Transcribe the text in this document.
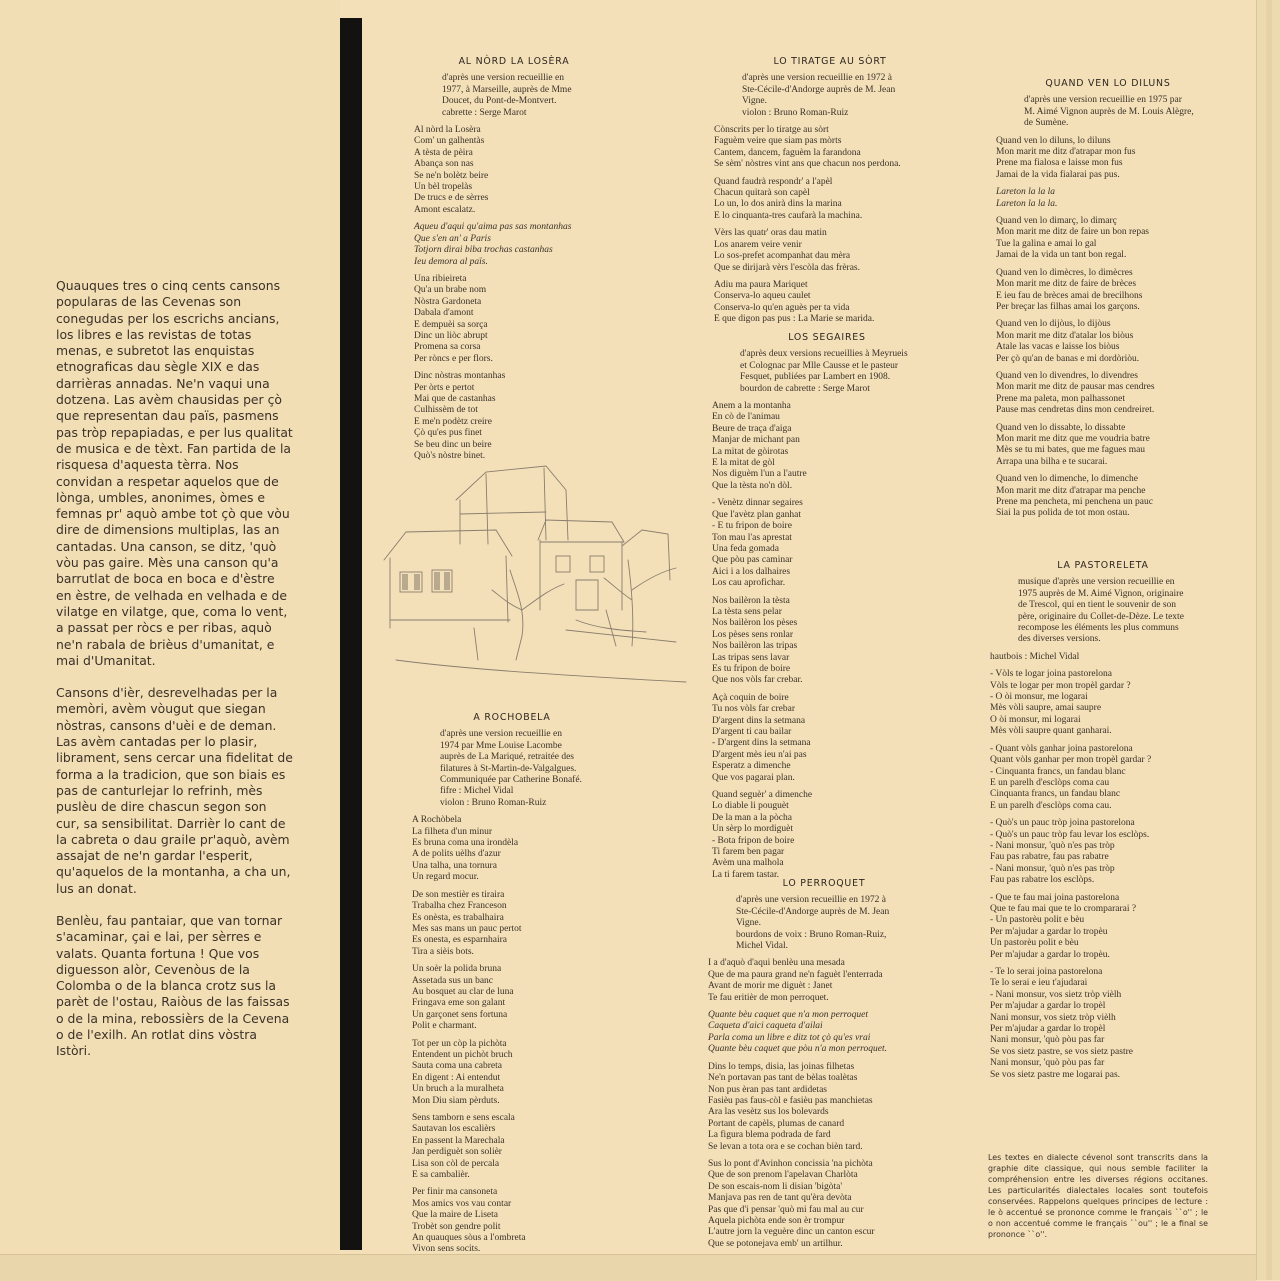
Quauques tres o cinq cents cansons popularas de las Cevenas son conegudas per los escrichs ancians, los libres e las revistas de totas menas, e subretot las enquistas etnograficas dau sègle XIX e das darrièras annadas. Ne'n vaqui una dotzena. Las avèm chausidas per çò que representan dau païs, pasmens pas tròp repapiadas, e per lus qualitat de musica e de tèxt. Fan partida de la risquesa d'aquesta tèrra. Nos convidan a respetar aquelos que de lònga, umbles, anonimes, òmes e femnas pr' aquò ambe tot çò que vòu dire de dimensions multiplas, las an cantadas. Una canson, se ditz, 'quò vòu pas gaire. Mès una canson qu'a barrutlat de boca en boca e d'èstre en èstre, de velhada en velhada e de vilatge en vilatge, que, coma lo vent, a passat per ròcs e per ribas, aquò ne'n rabala de brièus d'umanitat, e mai d'Umanitat.

Cansons d'ièr, desrevelhadas per la memòri, avèm vòugut que siegan nòstras, cansons d'uèi e de deman. Las avèm cantadas per lo plasir, librament, sens cercar una fidelitat de forma a la tradicion, que son biais es pas de canturlejar lo refrinh, mès puslèu de dire chascun segon son cur, sa sensibilitat. Darrièr lo cant de la cabreta o dau graile pr'aquò, avèm assajat de ne'n gardar l'esperit, qu'aquelos de la montanha, a cha un, lus an donat.

Benlèu, fau pantaiar, que van tornar s'acaminar, çai e lai, per sèrres e valats. Quanta fortuna ! Que vos diguesson alòr, Cevenòus de la Colomba o de la blanca crotz sus la parèt de l'ostau, Raiòus de las faissas o de la mina, rebossièrs de la Cevena o de l'exilh. An rotlat dins vòstra Istòri.

AL NÒRD LA LOSÈRA
d'après une version recueillie en
1977, à Marseille, auprès de Mme
Doucet, du Pont-de-Montvert.
cabrette : Serge Marot
Al nòrd la Losèra
Com' un galhentàs
A tèsta de pèira
Abança son nas
Se ne'n bolètz beire
Un bèl tropelàs
De trucs e de sèrres
Amont escalatz.
Aqueu d'aqui qu'aima pas sas montanhas
Que s'en an' a Paris
Totjorn dirai biba trochas castanhas
Ieu demora al païs.
Una ribieireta
Qu'a un brabe nom
Nòstra Gardoneta
Dabala d'amont
E dempuèi sa sorça
Dinc un liòc abrupt
Promena sa corsa
Per ròncs e per flors.
Dinc nòstras montanhas
Per òrts e pertot
Mai que de castanhas
Culhissèm de tot
E me'n podètz creire
Çò qu'es pus finet
Se beu dinc un beire
Quò's nòstre binet.
A ROCHOBELA
d'après une version recueillie en
1974 par Mme Louise Lacombe
auprès de La Mariqué, retraitée des
filatures à St-Martin-de-Valgalgues.
Communiquée par Catherine Bonafé.
fifre : Michel Vidal
violon : Bruno Roman-Ruiz
A Rochòbela
La filheta d'un minur
Es bruna coma una irondèla
A de polits uèlhs d'azur
Una talha, una tornura
Un regard mocur.
De son mestièr es tiraira
Trabalha chez Franceson
Es onèsta, es trabalhaira
Mes sas mans un pauc pertot
Es onesta, es esparnhaira
Tira a sièis bots.
Un soèr la polida bruna
Assetada sus un banc
Au bosquet au clar de luna
Fringava eme son galant
Un garçonet sens fortuna
Polit e charmant.
Tot per un còp la pichòta
Entendent un pichòt bruch
Sauta coma una cabreta
En digent : Ai entendut
Un bruch a la muralheta
Mon Diu siam pèrduts.
Sens tamborn e sens escala
Sautavan los escalièrs
En passent la Marechala
Jan perdiguèt son solièr
Lisa son còl de percala
E sa cambalièr.
Per finir ma cansoneta
Mos amics vos vau contar
Que la maire de Liseta
Trobèt son gendre polit
An quauques sòus a l'ombreta
Vivon sens socits.
LO TIRATGE AU SÒRT
d'après une version recueillie en 1972 à
Ste-Cécile-d'Andorge auprès de M. Jean
Vigne.
violon : Bruno Roman-Ruiz
Cònscrits per lo tiratge au sòrt
Faguèm veire que siam pas mòrts
Cantem, dancem, faguèm la farandona
Se sèm' nòstres vint ans que chacun nos perdona.
Quand faudrà respondr' a l'apèl
Chacun quitarà son capèl
Lo un, lo dos anirà dins la marina
E lo cinquanta-tres caufarà la machina.
Vèrs las quatr' oras dau matin
Los anarem veire venir
Lo sos-prefet acompanhat dau mèra
Que se dirijarà vèrs l'escòla das frèras.
Adiu ma paura Mariquet
Conserva-lo aqueu caulet
Conserva-lo qu'en aguès per ta vida
E que digon pas pus : La Marie se marida.
LOS SEGAIRES
d'après deux versions recueillies à Meyrueis
et Colognac par Mlle Causse et le pasteur
Fesquet, publiées par Lambert en 1908.
bourdon de cabrette : Serge Marot
Anem a la montanha
En cò de l'animau
Beure de traça d'aiga
Manjar de michant pan
La mitat de gòirotas
E la mitat de gòl
Nos diguèm l'un a l'autre
Que la tèsta no'n dòl.
- Venètz dinnar segaires
Que l'avètz plan ganhat
- E tu fripon de boire
Ton mau l'as aprestat
Una feda gomada
Que pòu pas caminar
Aici i a los dalhaires
Los cau aprofichar.
Nos bailèron la tèsta
La tèsta sens pelar
Nos bailèron los pèses
Los pèses sens ronlar
Nos bailèron las tripas
Las tripas sens lavar
Es tu fripon de boire
Que nos vòls far crebar.
Açà coquin de boire
Tu nos vòls far crebar
D'argent dins la setmana
D'argent ti cau bailar
- D'argent dins la setmana
D'argent mès ieu n'ai pas
Esperatz a dimenche
Que vos pagarai plan.
Quand seguèr' a dimenche
Lo diable li pouguèt
De la man a la pòcha
Un sèrp lo mordiguèt
- Bota fripon de boire
Ti farem ben pagar
Avèm una malhola
La ti farem tastar.
LO PERROQUET
d'après une version recueillie en 1972 à
Ste-Cécile-d'Andorge auprès de M. Jean
Vigne.
bourdons de voix : Bruno Roman-Ruiz,
Michel Vidal.
I a d'aquò d'aqui benlèu una mesada
Que de ma paura grand ne'n faguèt l'enterrada
Avant de morir me diguèt : Janet
Te fau eritièr de mon perroquet.
Quante bèu caquet que n'a mon perroquet
Caqueta d'aici caqueta d'ailai
Parla coma un libre e ditz tot çò qu'es vrai
Quante bèu caquet que pòu n'a mon perroquet.
Dins lo temps, disia, las joinas filhetas
Ne'n portavan pas tant de bèlas toalètas
Non pus èran pas tant ardidetas
Fasièu pas faus-còl e fasièu pas manchietas
Ara las vesètz sus los bolevards
Portant de capèls, plumas de canard
La figura blema podrada de fard
Se levan a tota ora e se cochan bièn tard.
Sus lo pont d'Avinhon concissia 'na pichòta
Que de son prenom l'apelavan Charlòta
De son escais-nom li disian 'bigòta'
Manjava pas ren de tant qu'èra devòta
Pas que d'i pensar 'quò mi fau mal au cur
Aquela pichòta ende son èr trompur
L'autre jorn la veguère dinc un canton escur
Que se potonejava emb' un artilhur.
QUAND VEN LO DILUNS
d'après une version recueillie en 1975 par
M. Aimé Vignon auprès de M. Louis Alègre,
de Sumène.
Quand ven lo diluns, lo diluns
Mon marit me ditz d'atrapar mon fus
Prene ma fialosa e laisse mon fus
Jamai de la vida fialarai pas pus.
Lareton la la la
Lareton la la la.
Quand ven lo dimarç, lo dimarç
Mon marit me ditz de faire un bon repas
Tue la galina e amai lo gal
Jamai de la vida un tant bon regal.
Quand ven lo dimècres, lo dimècres
Mon marit me ditz de faire de brèces
E ieu fau de brèces amai de brecilhons
Per breçar las filhas amai los garçons.
Quand ven lo dijòus, lo dijòus
Mon marit me ditz d'atalar los biòus
Atale las vacas e laisse los biòus
Per çò qu'an de banas e mi dordòriòu.
Quand ven lo divendres, lo divendres
Mon marit me ditz de pausar mas cendres
Prene ma paleta, mon palhassonet
Pause mas cendretas dins mon cendreiret.
Quand ven lo dissabte, lo dissabte
Mon marit me ditz que me voudria batre
Mès se tu mi bates, que me fagues mau
Arrapa una bilha e te sucarai.
Quand ven lo dimenche, lo dimenche
Mon marit me ditz d'atrapar ma penche
Prene ma pencheta, mi penchena un pauc
Siai la pus polida de tot mon ostau.
LA PASTORELETA
musique d'après une version recueillie en
1975 auprès de M. Aimé Vignon, originaire
de Trescol, qui en tient le souvenir de son
père, originaire du Collet-de-Dèze. Le texte
recompose les éléments les plus communs
des diverses versions.
hautbois : Michel Vidal
- Vòls te logar joina pastorelona
Vòls te logar per mon tropèl gardar ?
- O òi monsur, me logarai
Mès vòli saupre, amai saupre
O òi monsur, mi logarai
Mès vòli saupre quant ganharai.
- Quant vòls ganhar joina pastorelona
Quant vòls ganhar per mon tropèl gardar ?
- Cinquanta francs, un fandau blanc
E un parelh d'esclòps coma cau
Cinquanta francs, un fandau blanc
E un parelh d'esclòps coma cau.
- Quò's un pauc tròp joina pastorelona
- Quò's un pauc tròp fau levar los esclòps.
- Nani monsur, 'quò n'es pas tròp
Fau pas rabatre, fau pas rabatre
- Nani monsur, 'quò n'es pas tròp
Fau pas rabatre los esclòps.
- Que te fau mai joina pastorelona
Que te fau mai que te lo crompararai ?
- Un pastorèu polit e bèu
Per m'ajudar a gardar lo tropèu
Un pastorèu polit e bèu
Per m'ajudar a gardar lo tropèu.
- Te lo serai joina pastorelona
Te lo serai e ieu t'ajudarai
- Nani monsur, vos sietz tròp vièlh
Per m'ajudar a gardar lo tropèl
Nani monsur, vos sietz tròp vièlh
Per m'ajudar a gardar lo tropèl
Nani monsur, 'quò pòu pas far
Se vos sietz pastre, se vos sietz pastre
Nani monsur, 'quò pòu pas far
Se vos sietz pastre me logarai pas.
Les textes en dialecte cévenol sont transcrits dans la graphie dite classique, qui nous semble faciliter la compréhension entre les diverses régions occitanes. Les particularités dialectales locales sont toutefois conservées. Rappelons quelques principes de lecture : le ò accentué se prononce comme le français ``o'' ; le o non accentué comme le français ``ou'' ; le a final se prononce ``o''.
